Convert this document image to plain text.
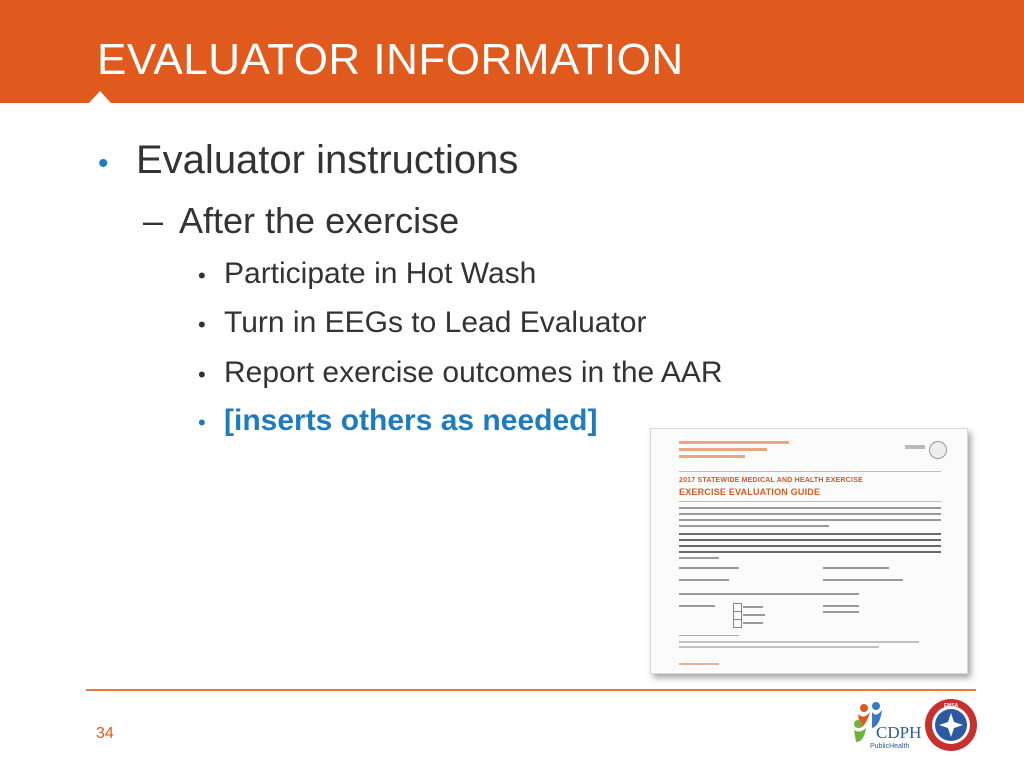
EVALUATOR INFORMATION
• Evaluator instructions
– After the exercise
• Participate in Hot Wash
• Turn in EEGs to Lead Evaluator
• Report exercise outcomes in the AAR
• [inserts others as needed]
2017 STATEWIDE MEDICAL AND HEALTH EXERCISE
EXERCISE EVALUATION GUIDE
34	CDPH
PublicHealth
EMSA
